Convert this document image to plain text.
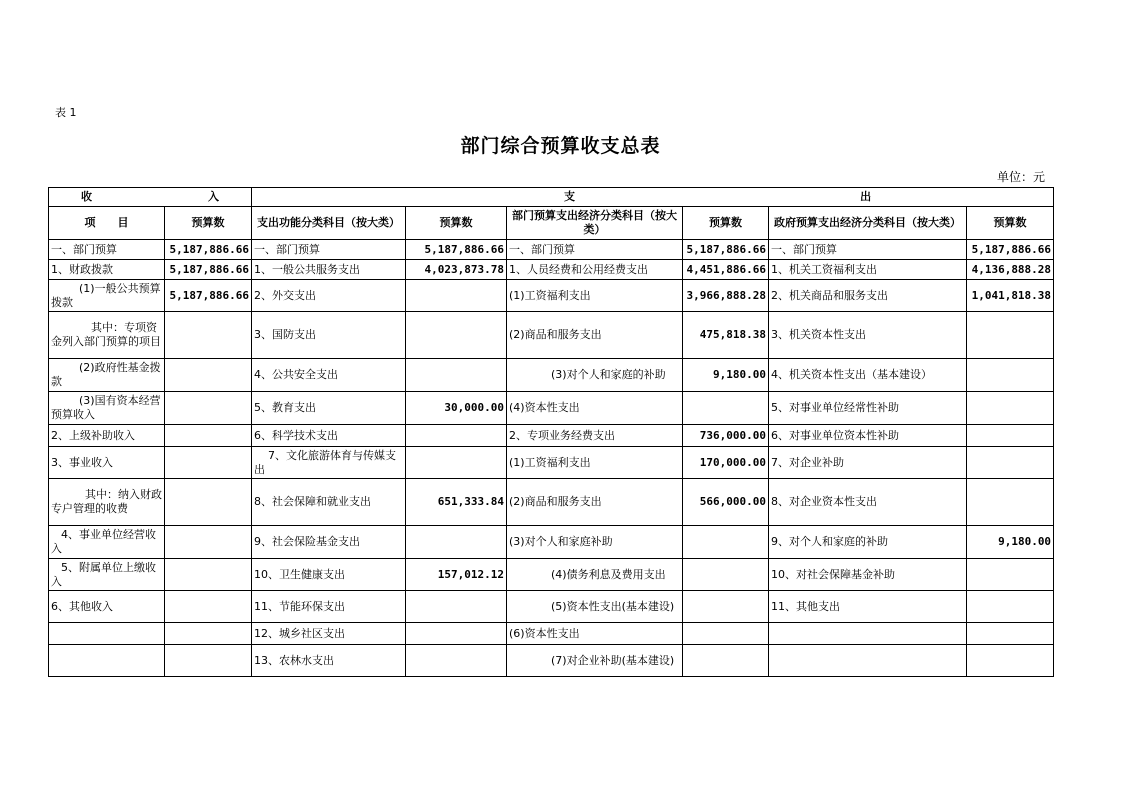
表 1
部门综合预算收支总表
单位：元
收 入		支 出					

项　　目	预算数	支出功能分类科目（按大类）	预算数	部门预算支出经济分类科目（按大类）	预算数	政府预算支出经济分类科目（按大类）	预算数
一、部门预算	5,187,886.66	一、部门预算	5,187,886.66	一、部门预算	5,187,886.66	一、部门预算	5,187,886.66
1、财政拨款	5,187,886.66	1、一般公共服务支出	4,023,873.78	1、人员经费和公用经费支出	4,451,886.66	1、机关工资福利支出	4,136,888.28
(1)一般公共预算拨款	5,187,886.66	2、外交支出		(1)工资福利支出	3,966,888.28	2、机关商品和服务支出	1,041,818.38
其中：专项资金列入部门预算的项目		3、国防支出		(2)商品和服务支出	475,818.38	3、机关资本性支出	
(2)政府性基金拨款		4、公共安全支出		(3)对个人和家庭的补助	9,180.00	4、机关资本性支出（基本建设）	
(3)国有资本经营预算收入		5、教育支出	30,000.00	(4)资本性支出		5、对事业单位经常性补助	
2、上级补助收入		6、科学技术支出		2、专项业务经费支出	736,000.00	6、对事业单位资本性补助	
3、事业收入		7、文化旅游体育与传媒支出		(1)工资福利支出	170,000.00	7、对企业补助	
其中：纳入财政专户管理的收费		8、社会保障和就业支出	651,333.84	(2)商品和服务支出	566,000.00	8、对企业资本性支出	
4、事业单位经营收入		9、社会保险基金支出		(3)对个人和家庭补助		9、对个人和家庭的补助	9,180.00
5、附属单位上缴收入		10、卫生健康支出	157,012.12	(4)债务利息及费用支出		10、对社会保障基金补助	
6、其他收入		11、节能环保支出		(5)资本性支出(基本建设)		11、其他支出	
		12、城乡社区支出		(6)资本性支出			
		13、农林水支出		(7)对企业补助(基本建设)			
